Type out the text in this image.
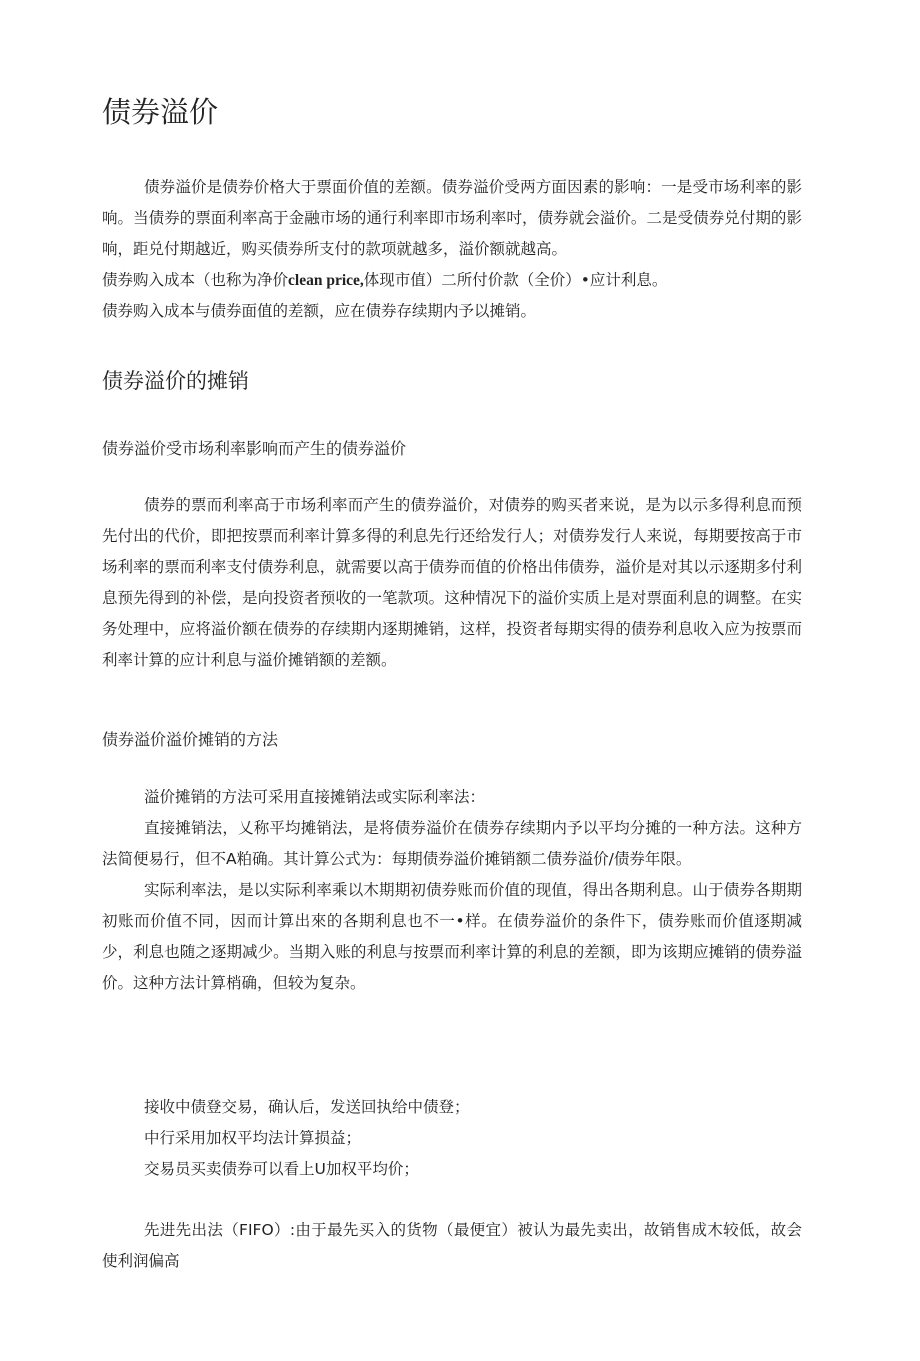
债券溢价

债券溢价是债券价格大于票面价值的差额。债券溢价受两方面因素的影响：一是受市场利率的影响。当债券的票面利率高于金融市场的通行利率即市场利率吋，债券就会溢价。二是受债券兑付期的影响，距兑付期越近，购买债券所支付的款项就越多，溢价额就越高。

债券购入成本（也称为净价clean price,体现市值）二所付价款（全价）•应计利息。

债券购入成本与债券面值的差额，应在债券存续期内予以摊销。

债券溢价的摊销
债券溢价受市场利率影响而产生的债券溢价

债券的票而利率高于市场利率而产生的债券溢价，对债券的购买者来说，是为以示多得利息而预先付出的代价，即把按票而利率计算多得的利息先行还给发行人；对债券发行人来说，每期要按高于市场利率的票而利率支付债券利息，就需要以高于债券而值的价格出伟债券，溢价是对其以示逐期多付利息预先得到的补偿，是向投资者预收的一笔款项。这种情况下的溢价实质上是对票面利息的调整。在实务处理中，应将溢价额在债券的存续期内逐期摊销，这样，投资者每期实得的债券利息收入应为按票而利率计算的应计利息与溢价摊销额的差额。

债券溢价溢价摊销的方法

溢价摊销的方法可采用直接摊销法或实际利率法：

直接摊销法，乂称平均摊销法，是将债券溢价在债券存续期内予以平均分摊的一种方法。这种方法简便易行，但不A粕确。其计算公式为：每期债券溢价摊销额二债券溢价/债券年限。

实际利率法，是以实际利率乘以木期期初债券账而价值的现值，得出各期利息。山于债券各期期初账而价值不同，因而计算出來的各期利息也不一•样。在债券溢价的条件下，债券账而价值逐期减少，利息也随之逐期减少。当期入账的利息与按票而利率计算的利息的差额，即为该期应摊销的债券溢价。这种方法计算梢确，但较为复杂。

接收中债登交易，确认后，发送回执给中债登；

中行采用加权平均法计算损益；

交易员买卖债券可以看上U加权平均价；

先进先出法（FIFO）:由于最先买入的货物（最便宜）被认为最先卖出，故销售成木较低，故会使利润偏高
